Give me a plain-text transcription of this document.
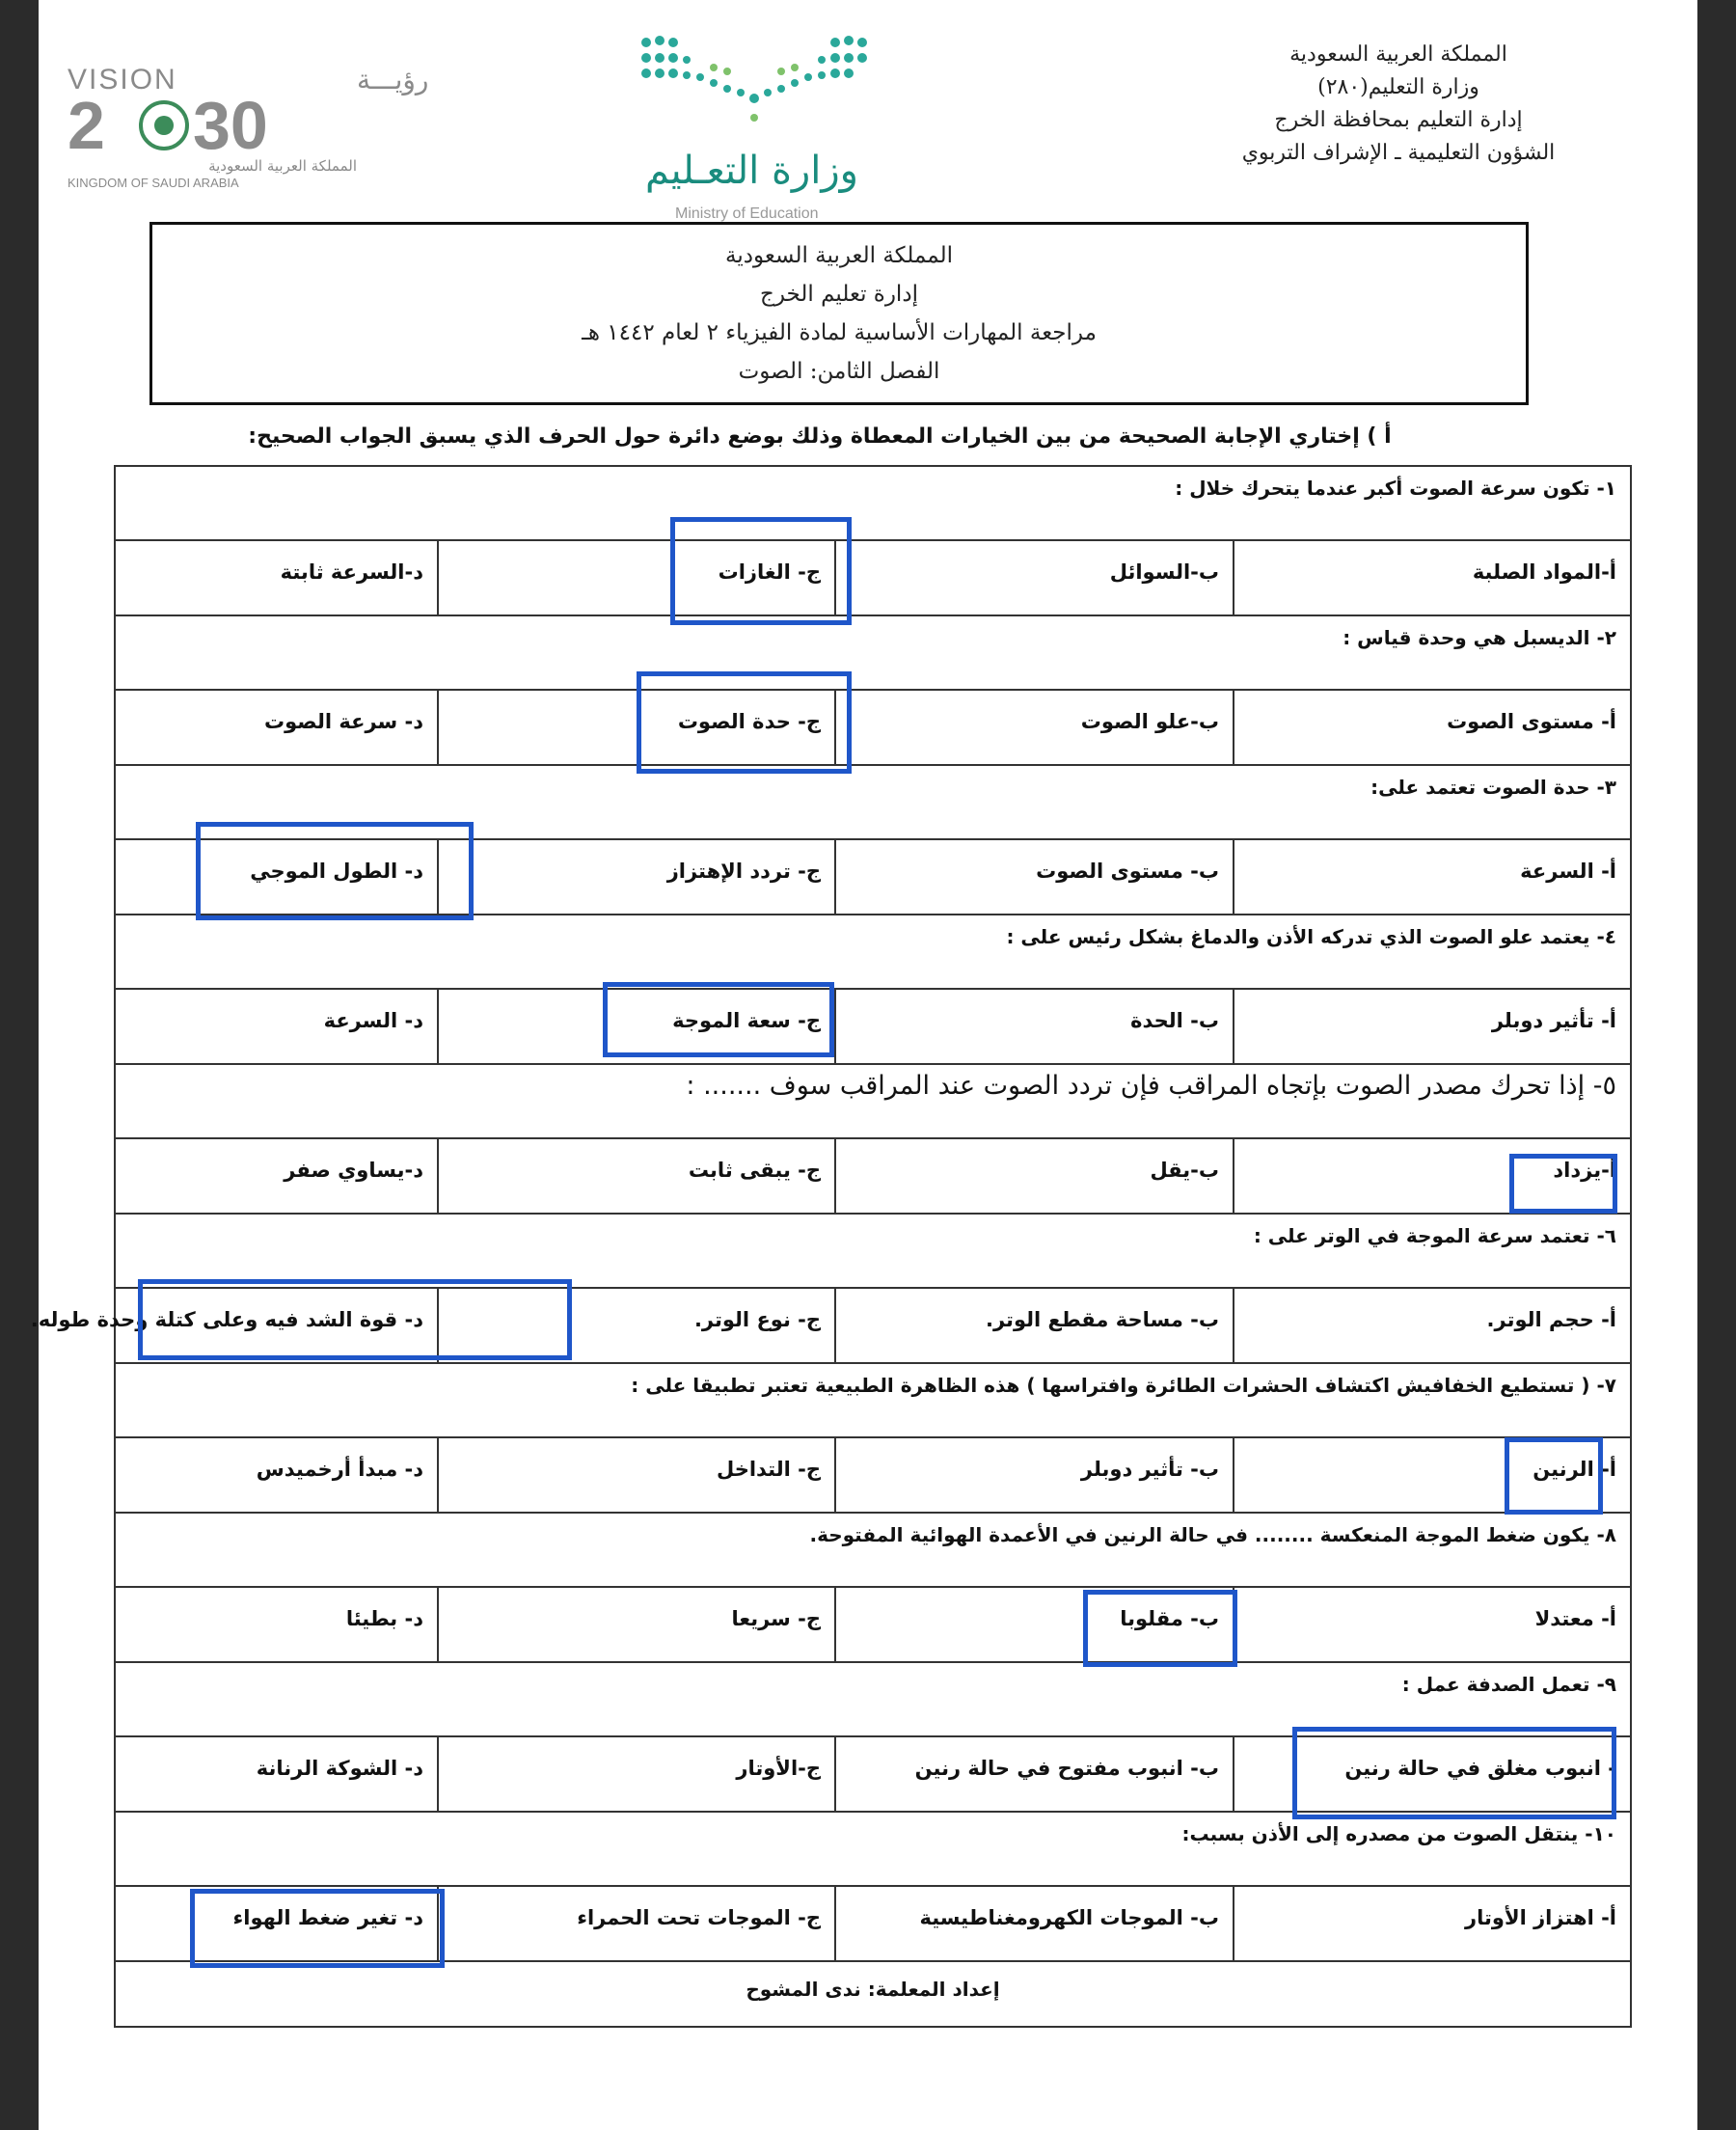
المملكة العربية السعودية
وزارة التعليم(٢٨٠)
إدارة التعليم بمحافظة الخرج
الشؤون التعليمية ـ الإشراف التربوي
VISION	رؤيـــة
2 30
المملكة العربية السعودية
KINGDOM OF SAUDI ARABIA	وزارة التعـليم
Ministry of Education
المملكة العربية السعودية
إدارة تعليم الخرج
مراجعة المهارات الأساسية لمادة الفيزياء ٢ لعام ١٤٤٢ هـ
الفصل الثامن: الصوت
أ ) إختاري الإجابة الصحيحة من بين الخيارات المعطاة وذلك بوضع دائرة حول الحرف الذي يسبق الجواب الصحيح:
١- تكون سرعة الصوت أكبر عندما يتحرك خلال :
أ-المواد الصلبة
ب-السوائل
ج- الغازات
د-السرعة ثابتة
٢- الديسبل هي وحدة قياس :
أ- مستوى الصوت
ب-علو الصوت
ج- حدة الصوت
د- سرعة الصوت
٣- حدة الصوت تعتمد على:
أ- السرعة
ب- مستوى الصوت
ج- تردد الإهتزاز
د- الطول الموجي
٤- يعتمد علو الصوت الذي تدركه الأذن والدماغ بشكل رئيس على :
أ- تأثير دوبلر
ب- الحدة
ج- سعة الموجة
د- السرعة
٥- إذا تحرك مصدر الصوت بإتجاه المراقب فإن تردد الصوت عند المراقب سوف ....... :
أ-يزداد
ب-يقل
ج- يبقى ثابت
د-يساوي صفر
٦- تعتمد سرعة الموجة في الوتر على :
أ- حجم الوتر.
ب- مساحة مقطع الوتر.
ج- نوع الوتر.
د- قوة الشد فيه وعلى كتلة وحدة طوله.
٧- ( تستطيع الخفافيش اكتشاف الحشرات الطائرة وافتراسها ) هذه الظاهرة الطبيعية تعتبر تطبيقا على :
أ- الرنين
ب- تأثير دوبلر
ج- التداخل
د- مبدأ أرخميدس
٨- يكون ضغط الموجة المنعكسة ........ في حالة الرنين في الأعمدة الهوائية المفتوحة.
أ- معتدلا
ب- مقلوبا
ج- سريعا
د- بطيئا
٩- تعمل الصدفة عمل :
- انبوب مغلق في حالة رنين
ب- انبوب مفتوح في حالة رنين
ج-الأوتار
د- الشوكة الرنانة
١٠- ينتقل الصوت من مصدره إلى الأذن بسبب:
أ- اهتزاز الأوتار
ب- الموجات الكهرومغناطيسية
ج- الموجات تحت الحمراء
د- تغير ضغط الهواء
إعداد المعلمة: ندى المشوح
